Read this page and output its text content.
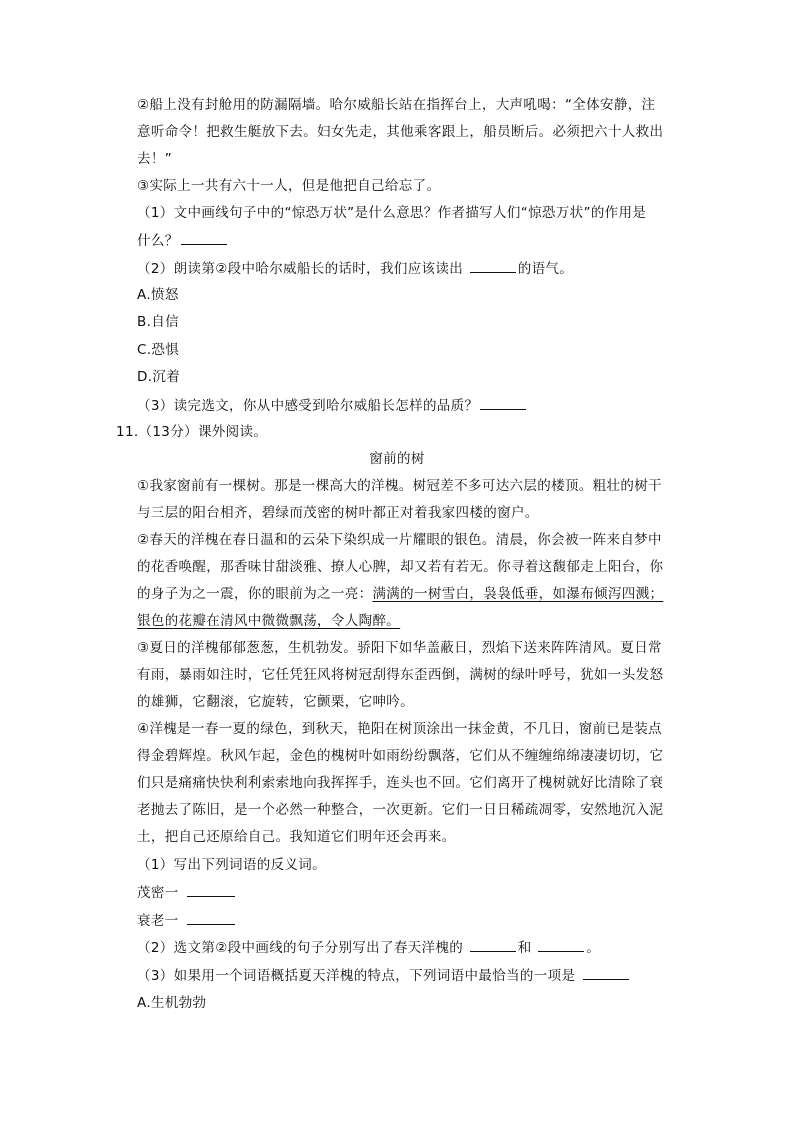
②船上没有封舱用的防漏隔墙。哈尔威船长站在指挥台上，大声吼喝：“全体安静，注
意听命令！把救生艇放下去。妇女先走，其他乘客跟上，船员断后。必须把六十人救出
去！”
③实际上一共有六十一人，但是他把自己给忘了。
（1）文中画线句子中的“惊恐万状”是什么意思？作者描写人们“惊恐万状”的作用是
什么？
（2）朗读第②段中哈尔威船长的话时，我们应该读出	的语气。
A.愤怒
B.自信
C.恐惧
D.沉着
（3）读完选文，你从中感受到哈尔威船长怎样的品质？
11.（13分）课外阅读。
窗前的树
①我家窗前有一棵树。那是一棵高大的洋槐。树冠差不多可达六层的楼顶。粗壮的树干
与三层的阳台相齐，碧绿而茂密的树叶都正对着我家四楼的窗户。
②春天的洋槐在春日温和的云朵下染织成一片耀眼的银色。清晨，你会被一阵来自梦中
的花香唤醒，那香味甘甜淡雅、撩人心脾，却又若有若无。你寻着这馥郁走上阳台，你
的身子为之一震，你的眼前为之一亮：满满的一树雪白，袅袅低垂，如瀑布倾泻四溅；
银色的花瓣在清风中微微飘荡，令人陶醉。
③夏日的洋槐郁郁葱葱，生机勃发。骄阳下如华盖蔽日，烈焰下送来阵阵清风。夏日常
有雨，暴雨如注时，它任凭狂风将树冠刮得东歪西倒，满树的绿叶呼号，犹如一头发怒
的雄狮，它翻滚，它旋转，它颤栗，它呻吟。
④洋槐是一春一夏的绿色，到秋天，艳阳在树顶涂出一抹金黄，不几日，窗前已是装点
得金碧辉煌。秋风乍起，金色的槐树叶如雨纷纷飘落，它们从不缠缠绵绵凄凄切切，它
们只是痛痛快快利利索索地向我挥挥手，连头也不回。它们离开了槐树就好比清除了衰
老抛去了陈旧，是一个必然一种整合，一次更新。它们一日日稀疏凋零，安然地沉入泥
土，把自己还原给自己。我知道它们明年还会再来。
（1）写出下列词语的反义词。
茂密一
衰老一
（2）选文第②段中画线的句子分别写出了春天洋槐的	和	。
（3）如果用一个词语概括夏天洋槐的特点，下列词语中最恰当的一项是
A.生机勃勃
